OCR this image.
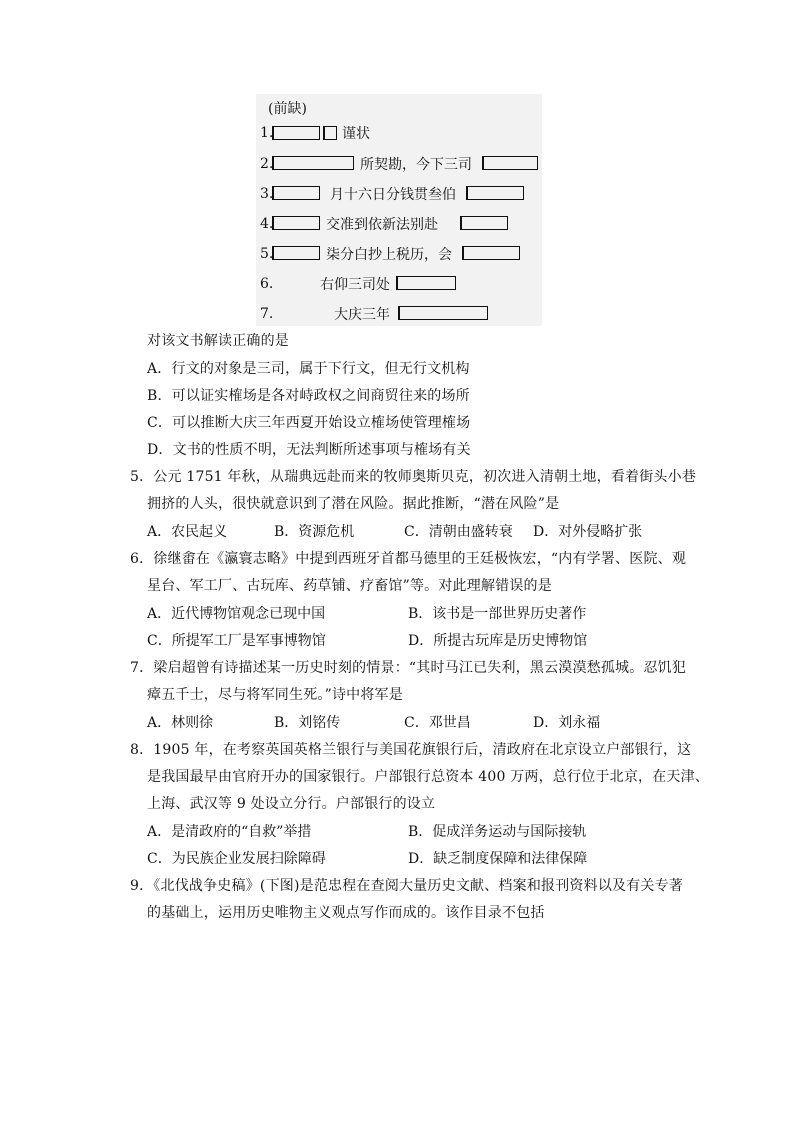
(前缺)
1.	谨状
2.	所契勘，今下三司
3.	月十六日分钱贯叁伯
4.	交准到依新法别赴
5.	柒分白抄上税历，会
6.	右仰三司处
7.	大庆三年
对该文书解读正确的是
A．行文的对象是三司，属于下行文，但无行文机构
B．可以证实榷场是各对峙政权之间商贸往来的场所
C．可以推断大庆三年西夏开始设立榷场使管理榷场
D．文书的性质不明，无法判断所述事项与榷场有关
5．公元 1751 年秋，从瑞典远赴而来的牧师奥斯贝克，初次进入清朝土地，看着街头小巷
拥挤的人头，很快就意识到了潜在风险。据此推断，“潜在风险”是
A．农民起义	B．资源危机	C．清朝由盛转衰 D．对外侵略扩张
6．徐继畬在《瀛寰志略》中提到西班牙首都马德里的王廷极恢宏，“内有学署、医院、观
星台、军工厂、古玩库、药草铺、疗畜馆”等。对此理解错误的是
A．近代博物馆观念已现中国	B．该书是一部世界历史著作
C．所提军工厂是军事博物馆	D．所提古玩库是历史博物馆
7．梁启超曾有诗描述某一历史时刻的情景：“其时马江已失利，黑云漠漠愁孤城。忍饥犯
瘴五千士，尽与将军同生死。”诗中将军是
A．林则徐	B．刘铭传	C．邓世昌	D．刘永福
8．1905 年，在考察英国英格兰银行与美国花旗银行后，清政府在北京设立户部银行，这
是我国最早由官府开办的国家银行。户部银行总资本 400 万两，总行位于北京，在天津、
上海、武汉等 9 处设立分行。户部银行的设立
A．是清政府的“自救”举措	B．促成洋务运动与国际接轨
C．为民族企业发展扫除障碍	D．缺乏制度保障和法律保障
9．《北伐战争史稿》(下图)是范忠程在查阅大量历史文献、档案和报刊资料以及有关专著
的基础上，运用历史唯物主义观点写作而成的。该作目录不包括
